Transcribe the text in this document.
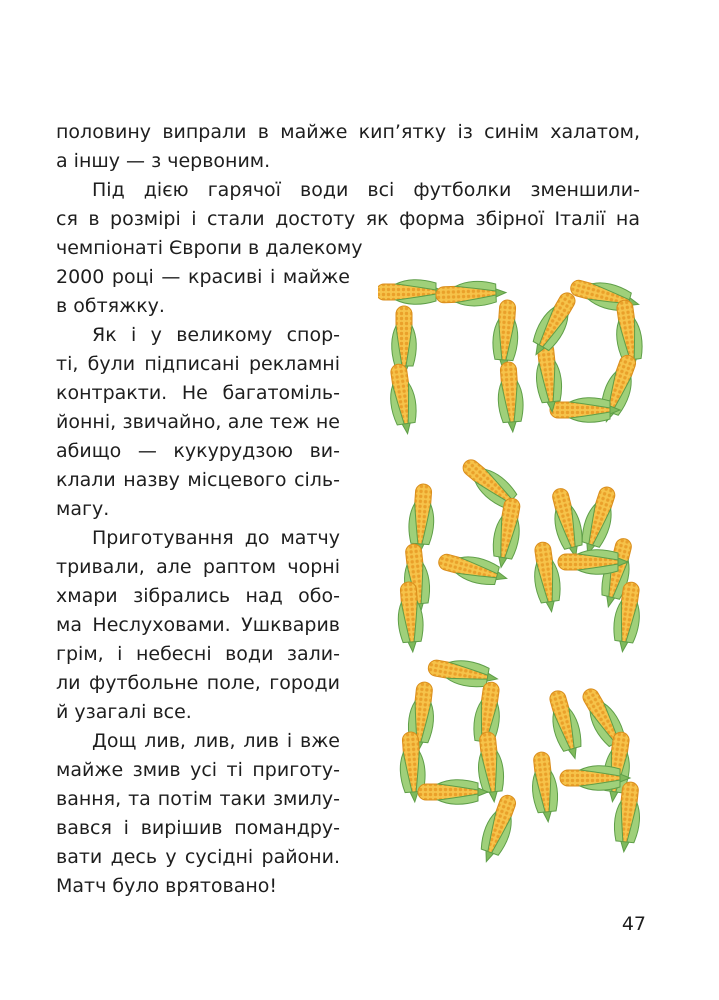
половину випрали в майже кип’ятку із синім халатом,
а іншу — з червоним.
Під дією гарячої води всі футболки зменшили-
ся в розмірі і стали достоту як форма збірної Італії на
чемпіонаті Європи в далекому
2000 році — красиві і майже
в обтяжку.
Як і у великому спор-
ті, були підписані рекламні
контракти. Не багатоміль-
йонні, звичайно, але теж не
абищо — кукурудзою ви-
клали назву місцевого сіль-
магу.
Приготування до матчу
тривали, але раптом чорні
хмари зібрались над обо-
ма Неслуховами. Ушкварив
грім, і небесні води зали-
ли футбольне поле, городи
й узагалі все.
Дощ лив, лив, лив і вже
майже змив усі ті приготу-
вання, та потім таки змилу-
вався і вирішив помандру-
вати десь у сусідні райони.
Матч було врятовано!
47
